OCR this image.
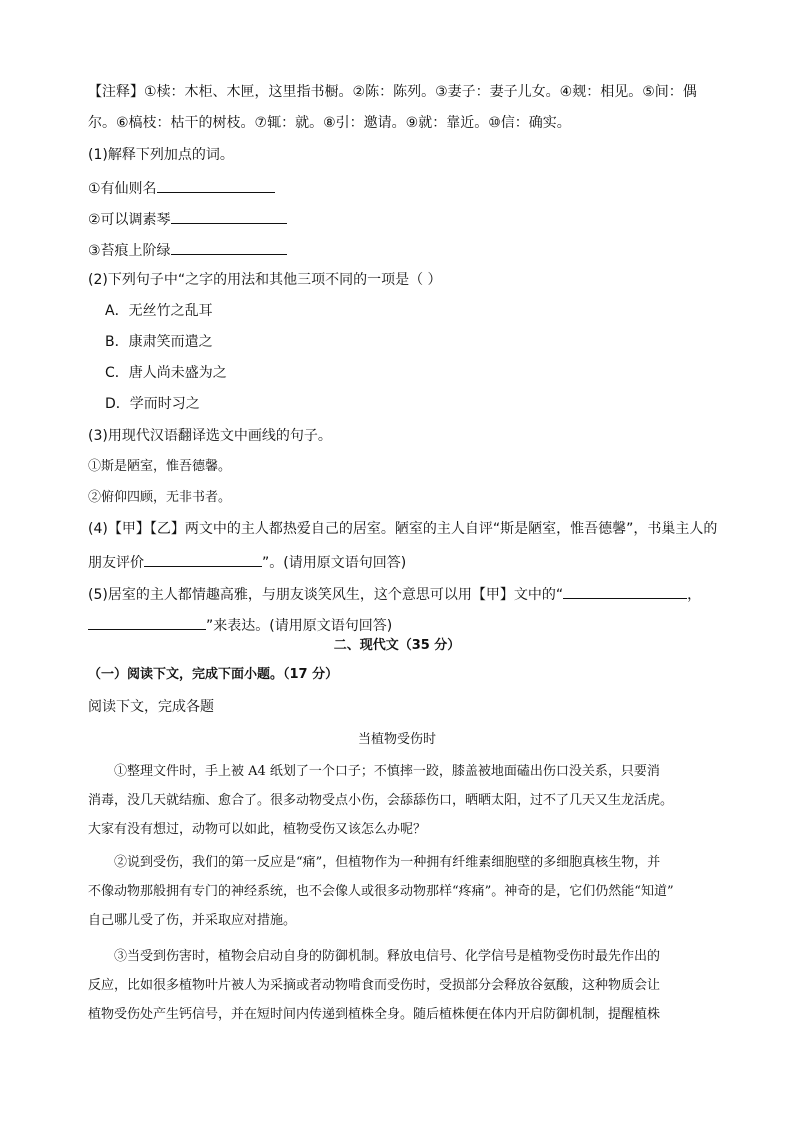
【注释】①椟：木柜、木匣，这里指书橱。②陈：陈列。③妻子：妻子儿女。④觌：相见。⑤间：偶
尔。⑥槁枝：枯干的树枝。⑦辄：就。⑧引：邀请。⑨就：靠近。⑩信：确实。
(1)解释下列加点的词。
①有仙则名
②可以调素琴
③苔痕上阶绿
(2)下列句子中“之字的用法和其他三项不同的一项是（ ）
A．无丝竹之乱耳
B．康肃笑而遣之
C．唐人尚未盛为之
D．学而时习之
(3)用现代汉语翻译选文中画线的句子。
①斯是陋室，惟吾德馨。
②俯仰四顾，无非书者。
(4)【甲】【乙】两文中的主人都热爱自己的居室。陋室的主人自评“斯是陋室，惟吾德馨”，书巢主人的
朋友评价	”。(请用原文语句回答)
(5)居室的主人都情趣高雅，与朋友谈笑风生，这个意思可以用【甲】文中的“	，
”来表达。(请用原文语句回答)
二、现代文（35 分）
（一）阅读下文，完成下面小题。（17 分）
阅读下文，完成各题
当植物受伤时
①整理文件时，手上被 A4 纸划了一个口子；不慎摔一跤，膝盖被地面磕出伤口没关系，只要消
消毒，没几天就结痂、愈合了。很多动物受点小伤，会舔舔伤口，晒晒太阳，过不了几天又生龙活虎。
大家有没有想过，动物可以如此，植物受伤又该怎么办呢？
②说到受伤，我们的第一反应是“痛”，但植物作为一种拥有纤维素细胞壁的多细胞真核生物，并
不像动物那般拥有专门的神经系统，也不会像人或很多动物那样“疼痛”。神奇的是，它们仍然能“知道”
自己哪儿受了伤，并采取应对措施。
③当受到伤害时，植物会启动自身的防御机制。释放电信号、化学信号是植物受伤时最先作出的
反应，比如很多植物叶片被人为采摘或者动物啃食而受伤时，受损部分会释放谷氨酸，这种物质会让
植物受伤处产生钙信号，并在短时间内传递到植株全身。随后植株便在体内开启防御机制，提醒植株
